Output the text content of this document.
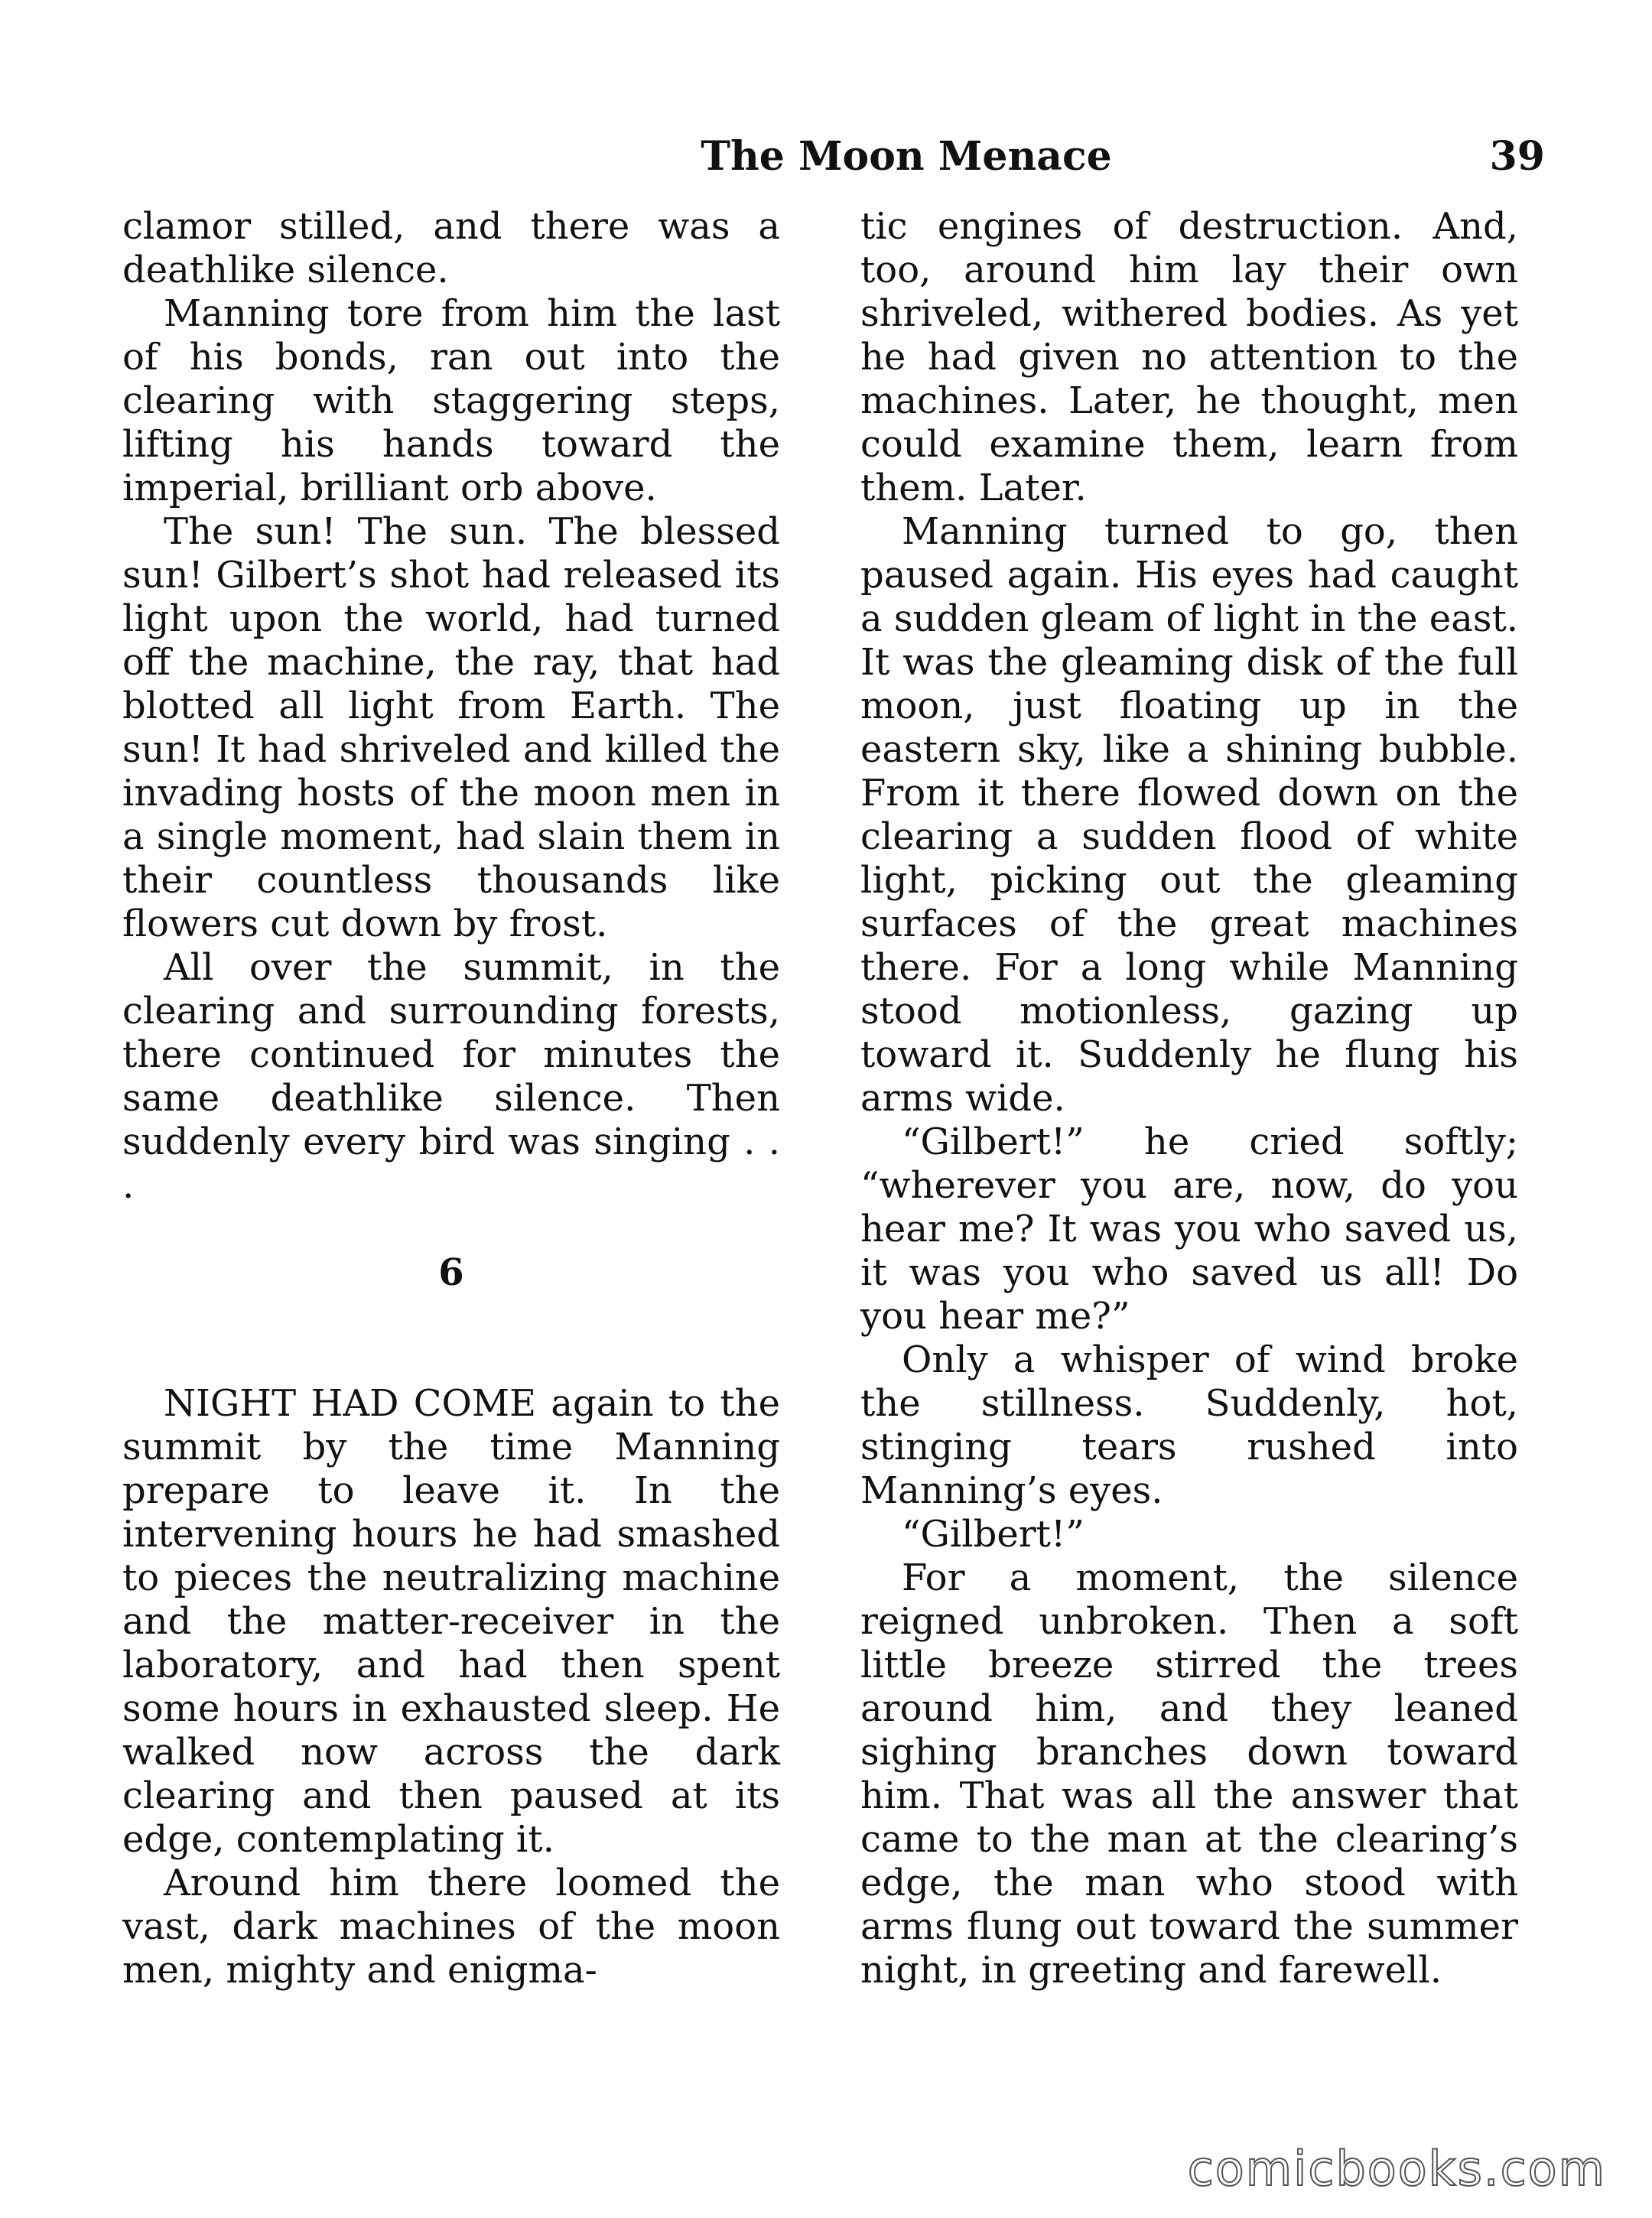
The Moon Menace	39

clamor stilled, and there was a deathlike silence.

Manning tore from him the last of his bonds, ran out into the clearing with staggering steps, lifting his hands toward the imperial, brilliant orb above.

The sun! The sun. The blessed sun! Gilbert’s shot had released its light upon the world, had turned off the machine, the ray, that had blotted all light from Earth. The sun! It had shriveled and killed the invading hosts of the moon men in a single moment, had slain them in their countless thousands like flowers cut down by frost.

All over the summit, in the clearing and surrounding forests, there continued for minutes the same deathlike silence. Then suddenly every bird was singing . . .

6

NIGHT HAD COME again to the summit by the time Manning prepare to leave it. In the intervening hours he had smashed to pieces the neutralizing machine and the matter-receiver in the laboratory, and had then spent some hours in exhausted sleep. He walked now across the dark clearing and then paused at its edge, contemplating it.

Around him there loomed the vast, dark machines of the moon men, mighty and enigma-

tic engines of destruction. And, too, around him lay their own shriveled, withered bodies. As yet he had given no attention to the machines. Later, he thought, men could examine them, learn from them. Later.

Manning turned to go, then paused again. His eyes had caught a sudden gleam of light in the east. It was the gleaming disk of the full moon, just floating up in the eastern sky, like a shining bubble. From it there flowed down on the clearing a sudden flood of white light, picking out the gleaming surfaces of the great machines there. For a long while Manning stood motionless, gazing up toward it. Suddenly he flung his arms wide.

“Gilbert!” he cried softly; “wherever you are, now, do you hear me? It was you who saved us, it was you who saved us all! Do you hear me?”

Only a whisper of wind broke the stillness. Suddenly, hot, stinging tears rushed into Manning’s eyes.

“Gilbert!”

For a moment, the silence reigned unbroken. Then a soft little breeze stirred the trees around him, and they leaned sighing branches down toward him. That was all the answer that came to the man at the clearing’s edge, the man who stood with arms flung out toward the summer night, in greeting and farewell.

comicbooks.com
